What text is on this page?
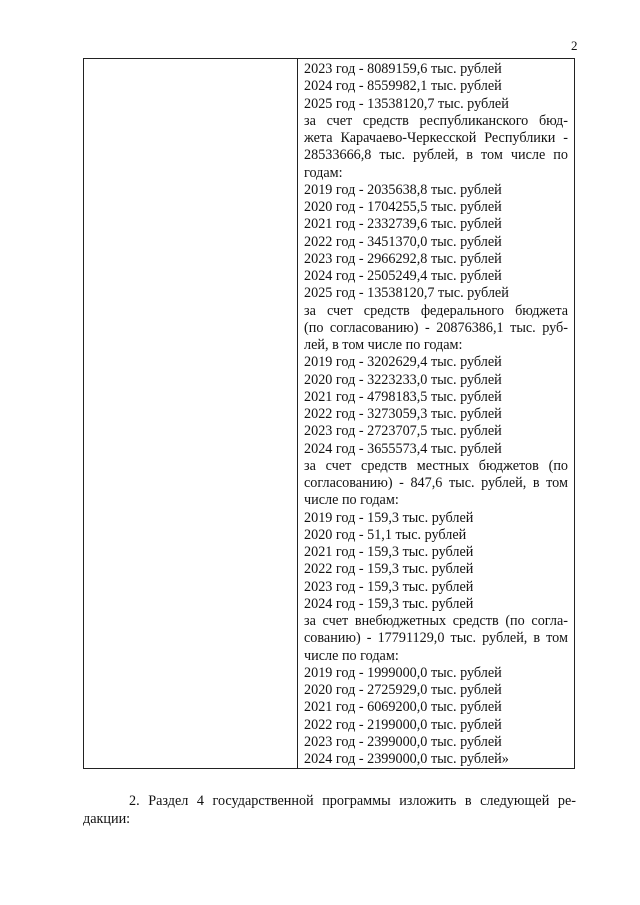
2
2023 год - 8089159,6 тыс. рублей
2024 год - 8559982,1 тыс. рублей
2025 год - 13538120,7 тыс. рублей
за счет средств республиканского бюд-
жета Карачаево-Черкесской Республики -
28533666,8 тыс. рублей, в том числе по
годам:
2019 год - 2035638,8 тыс. рублей
2020 год - 1704255,5 тыс. рублей
2021 год - 2332739,6 тыс. рублей
2022 год - 3451370,0 тыс. рублей
2023 год - 2966292,8 тыс. рублей
2024 год - 2505249,4 тыс. рублей
2025 год - 13538120,7 тыс. рублей
за счет средств федерального бюджета
(по согласованию) - 20876386,1 тыс. руб-
лей, в том числе по годам:
2019 год - 3202629,4 тыс. рублей
2020 год - 3223233,0 тыс. рублей
2021 год - 4798183,5 тыс. рублей
2022 год - 3273059,3 тыс. рублей
2023 год - 2723707,5 тыс. рублей
2024 год - 3655573,4 тыс. рублей
за счет средств местных бюджетов (по
согласованию) - 847,6 тыс. рублей, в том
числе по годам:
2019 год - 159,3 тыс. рублей
2020 год - 51,1 тыс. рублей
2021 год - 159,3 тыс. рублей
2022 год - 159,3 тыс. рублей
2023 год - 159,3 тыс. рублей
2024 год - 159,3 тыс. рублей
за счет внебюджетных средств (по согла-
сованию) - 17791129,0 тыс. рублей, в том
числе по годам:
2019 год - 1999000,0 тыс. рублей
2020 год - 2725929,0 тыс. рублей
2021 год - 6069200,0 тыс. рублей
2022 год - 2199000,0 тыс. рублей
2023 год - 2399000,0 тыс. рублей
2024 год - 2399000,0 тыс. рублей»

2. Раздел 4 государственной программы изложить в следующей ре-

дакции:
